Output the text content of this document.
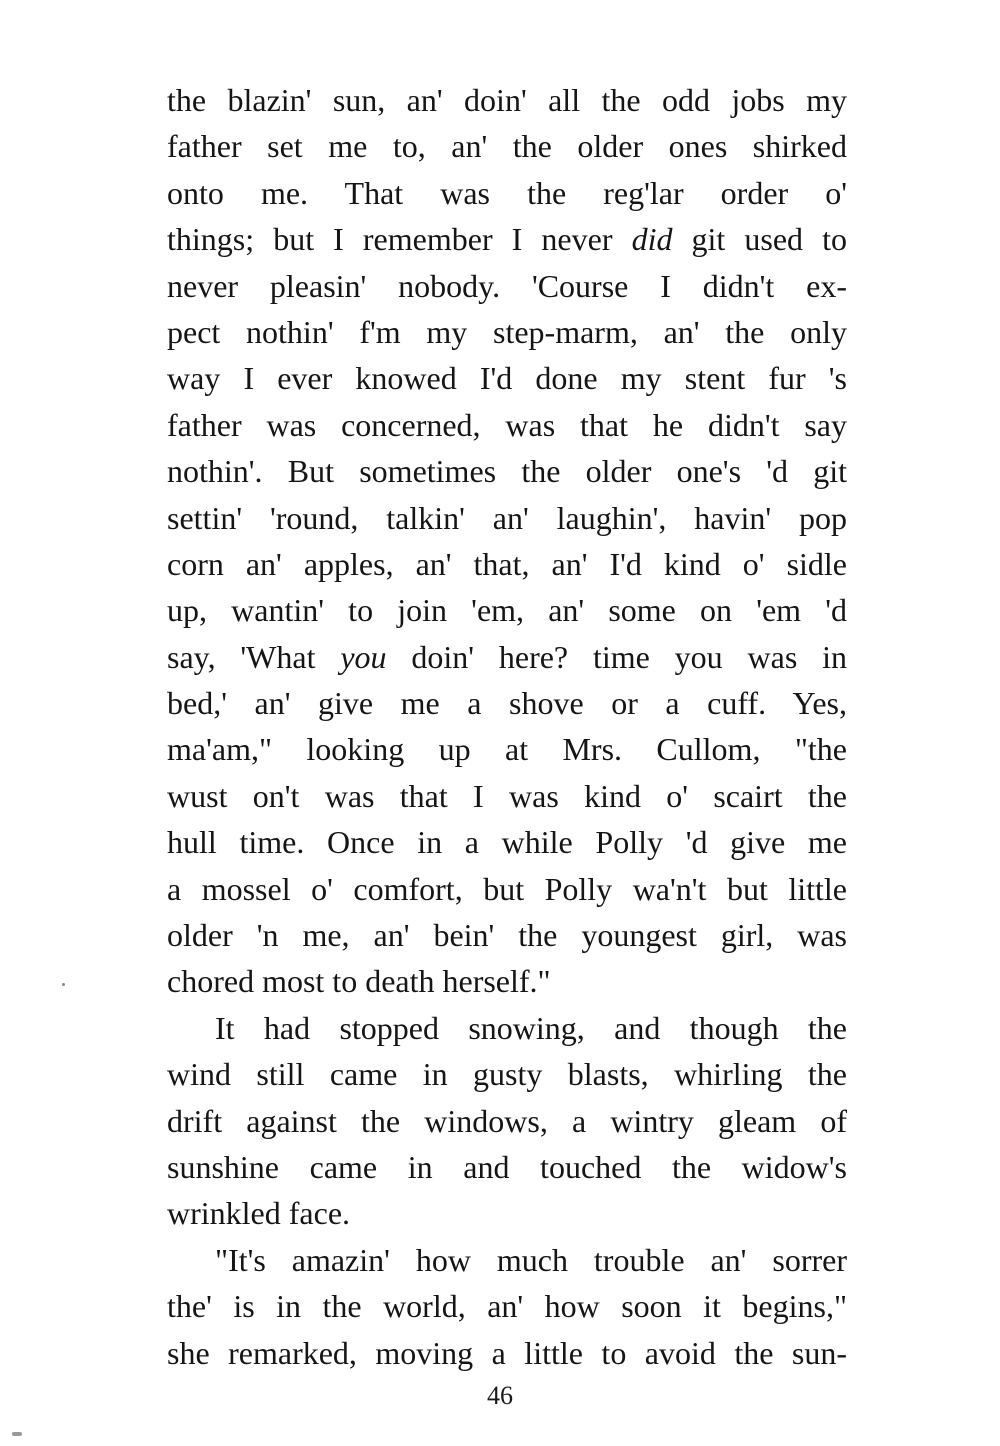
the blazin' sun, an' doin' all the odd jobs my
father set me to, an' the older ones shirked
onto me. That was the reg'lar order o'
things; but I remember I never did git used to
never pleasin' nobody. 'Course I didn't ex-
pect nothin' f'm my step-marm, an' the only
way I ever knowed I'd done my stent fur 's
father was concerned, was that he didn't say
nothin'. But sometimes the older one's 'd git
settin' 'round, talkin' an' laughin', havin' pop
corn an' apples, an' that, an' I'd kind o' sidle
up, wantin' to join 'em, an' some on 'em 'd
say, 'What you doin' here? time you was in
bed,' an' give me a shove or a cuff. Yes,
ma'am," looking up at Mrs. Cullom, "the
wust on't was that I was kind o' scairt the
hull time. Once in a while Polly 'd give me
a mossel o' comfort, but Polly wa'n't but little
older 'n me, an' bein' the youngest girl, was
chored most to death herself."
It had stopped snowing, and though the
wind still came in gusty blasts, whirling the
drift against the windows, a wintry gleam of
sunshine came in and touched the widow's
wrinkled face.
"It's amazin' how much trouble an' sorrer
the' is in the world, an' how soon it begins,"
she remarked, moving a little to avoid the sun-
46
